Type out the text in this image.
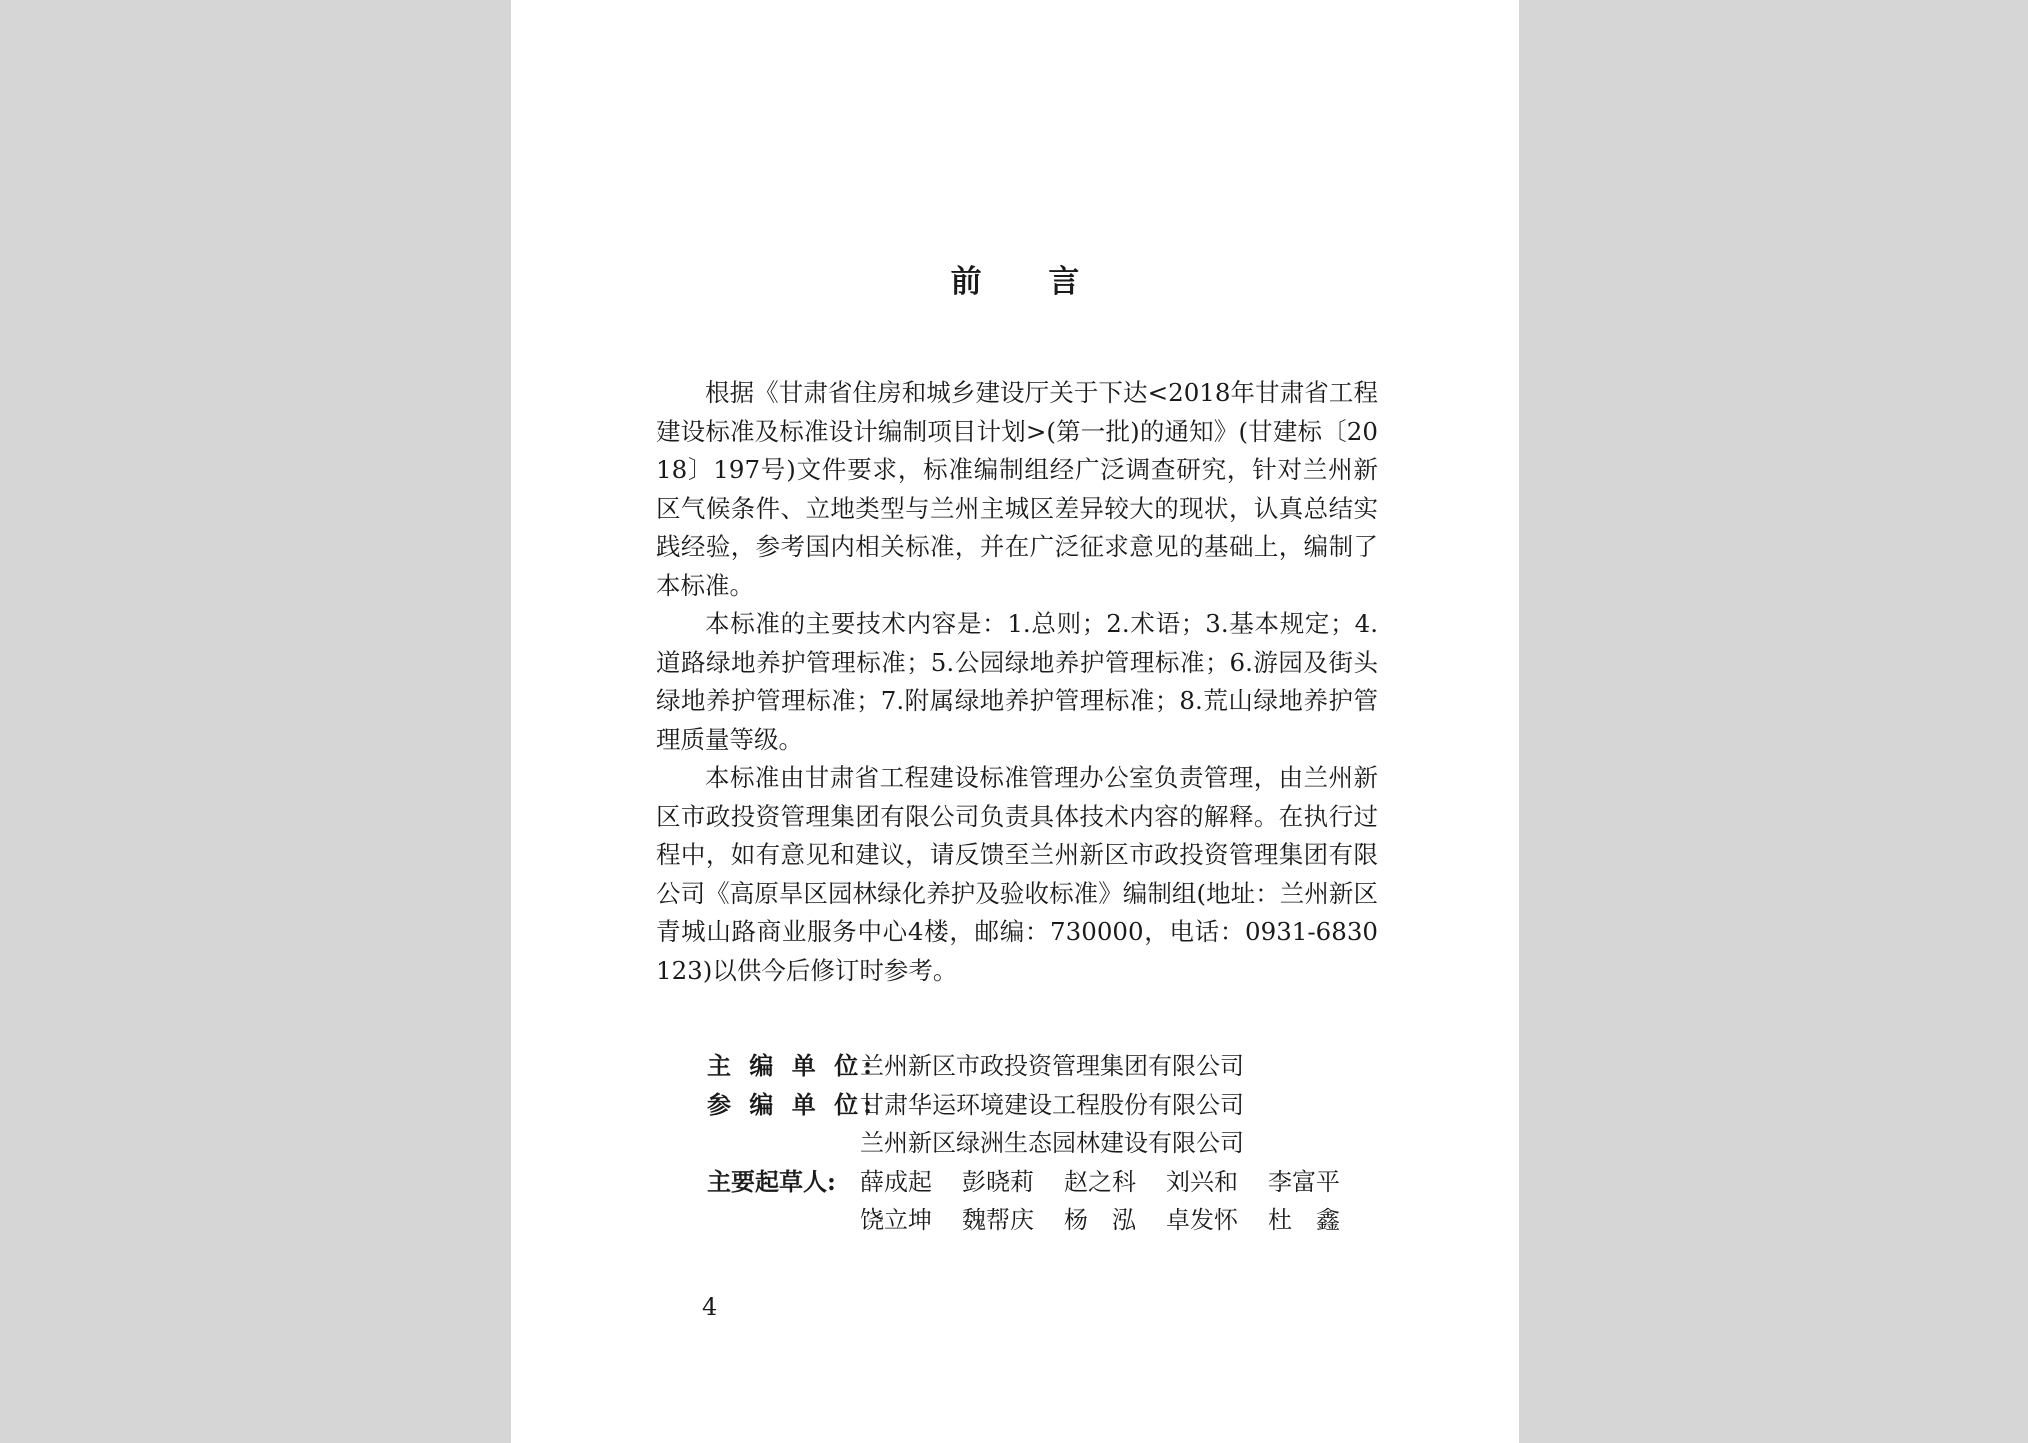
前 言

根据《甘肃省住房和城乡建设厅关于下达<2018年甘肃省工程建设标准及标准设计编制项目计划>(第一批)的通知》(甘建标〔2018〕197号)文件要求，标准编制组经广泛调查研究，针对兰州新区气候条件、立地类型与兰州主城区差异较大的现状，认真总结实践经验，参考国内相关标准，并在广泛征求意见的基础上，编制了本标准。

本标准的主要技术内容是：1.总则；2.术语；3.基本规定；4.道路绿地养护管理标准；5.公园绿地养护管理标准；6.游园及街头绿地养护管理标准；7.附属绿地养护管理标准；8.荒山绿地养护管理质量等级。

本标准由甘肃省工程建设标准管理办公室负责管理，由兰州新区市政投资管理集团有限公司负责具体技术内容的解释。在执行过程中，如有意见和建议，请反馈至兰州新区市政投资管理集团有限公司《高原旱区园林绿化养护及验收标准》编制组(地址：兰州新区青城山路商业服务中心4楼，邮编：730000，电话：0931-6830123)以供今后修订时参考。

主 编 单 位:
兰州新区市政投资管理集团有限公司
参 编 单 位:
甘肃华运环境建设工程股份有限公司
兰州新区绿洲生态园林建设有限公司
主要起草人:	薛成起	彭晓莉	赵之科	刘兴和	李富平
饶立坤	魏帮庆	杨　泓	卓发怀	杜　鑫
4
